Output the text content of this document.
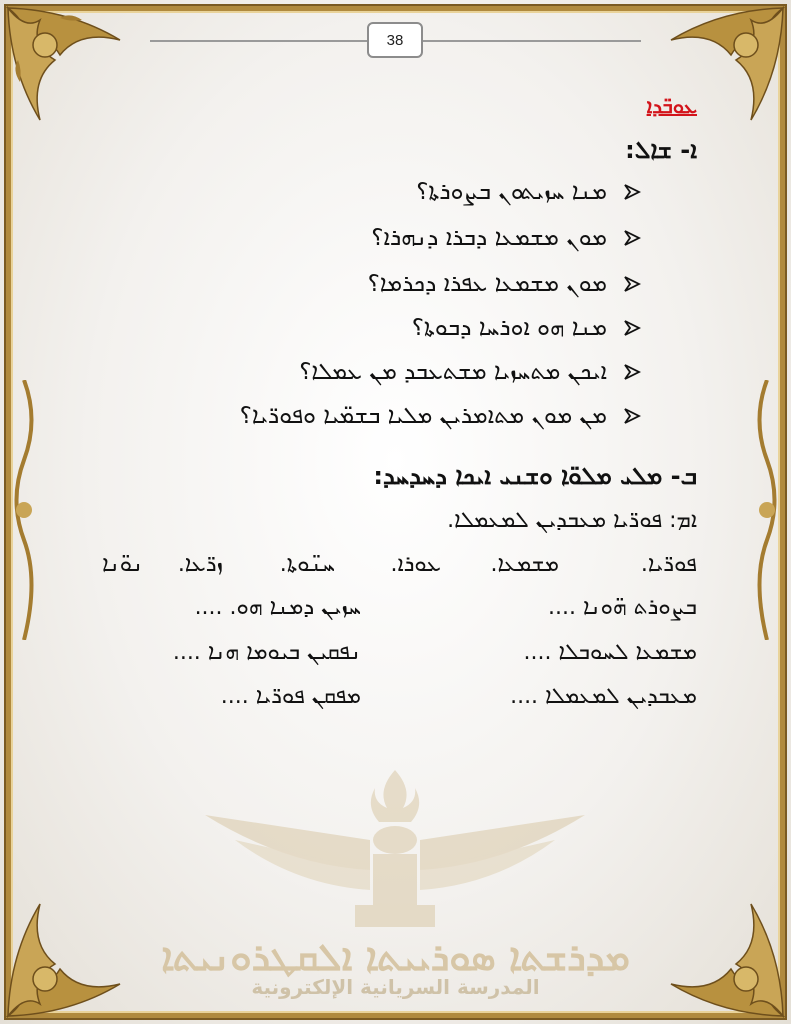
ܡܕܪܫܬܐ ܣܘܪܝܝܬܐ ܐܠܩܛܪܘܢܝܬܐ
المدرسة السريانية الإلكترونية
38
ܥܘܒ̈ܕܐ
ܐ- ܫܐܠ:
ܡܢܐ ܚܙܝܬܘܢ ܒܨܘܪܬܐ؟
ܡܘܢ ܡܫܡܥܐ ܕܒܪܐ ܕܢܗܪܐ؟
ܡܘܢ ܡܫܡܥܐ ܥܦܪܐ ܕܟܪܡܐ؟
ܡܢܐ ܗܘ ܐܘܪܚܐ ܕܒܘܬܐ؟
ܐܝܟܢ ܡܬܚܙܝܐ ܡܫܬܥܒܕ ܡܢ ܥܡܠܐ؟
ܡܢ ܡܘܢ ܡܬܐܡܪܝܢ ܡܠܝܐ ܒܫܡ̈ܝܐ ܘܦܘܪ̈ܝܐ؟
ܒ- ܡܠܝ ܡܠܘ̈ܐ ܘܫܢܝ ܐܝܟܐ ܕܚܕܚܕ:
ܐܡ: ܦܘܪ̈ܝܐ ܡܥܒܕܝܢ ܠܡܥܡܠܐ.
ܦܘܪ̈ܝܐ.
ܡܫܡܥܐ.
ܥܘܪܐ.
ܚܢ̈ܘܬܐ.
ܙܪ̈ܥܐ.
ܢܘ̈ܢܐ
ܒܨܘܪܬ ܗ̈ܘܢܐ ....
ܚܙܝܢ ܕܡܢܐ ܗܘ. ....
ܡܫܡܥܐ ܠܚܘܒܠܐ ....
ܢܦܩܝܢ ܒܝܘܡܐ ܗܢܐ ....
ܡܥܒܕܝܢ ܠܡܥܡܠܐ ....
ܡܦܩܢ ܦܘܪ̈ܝܐ ....
